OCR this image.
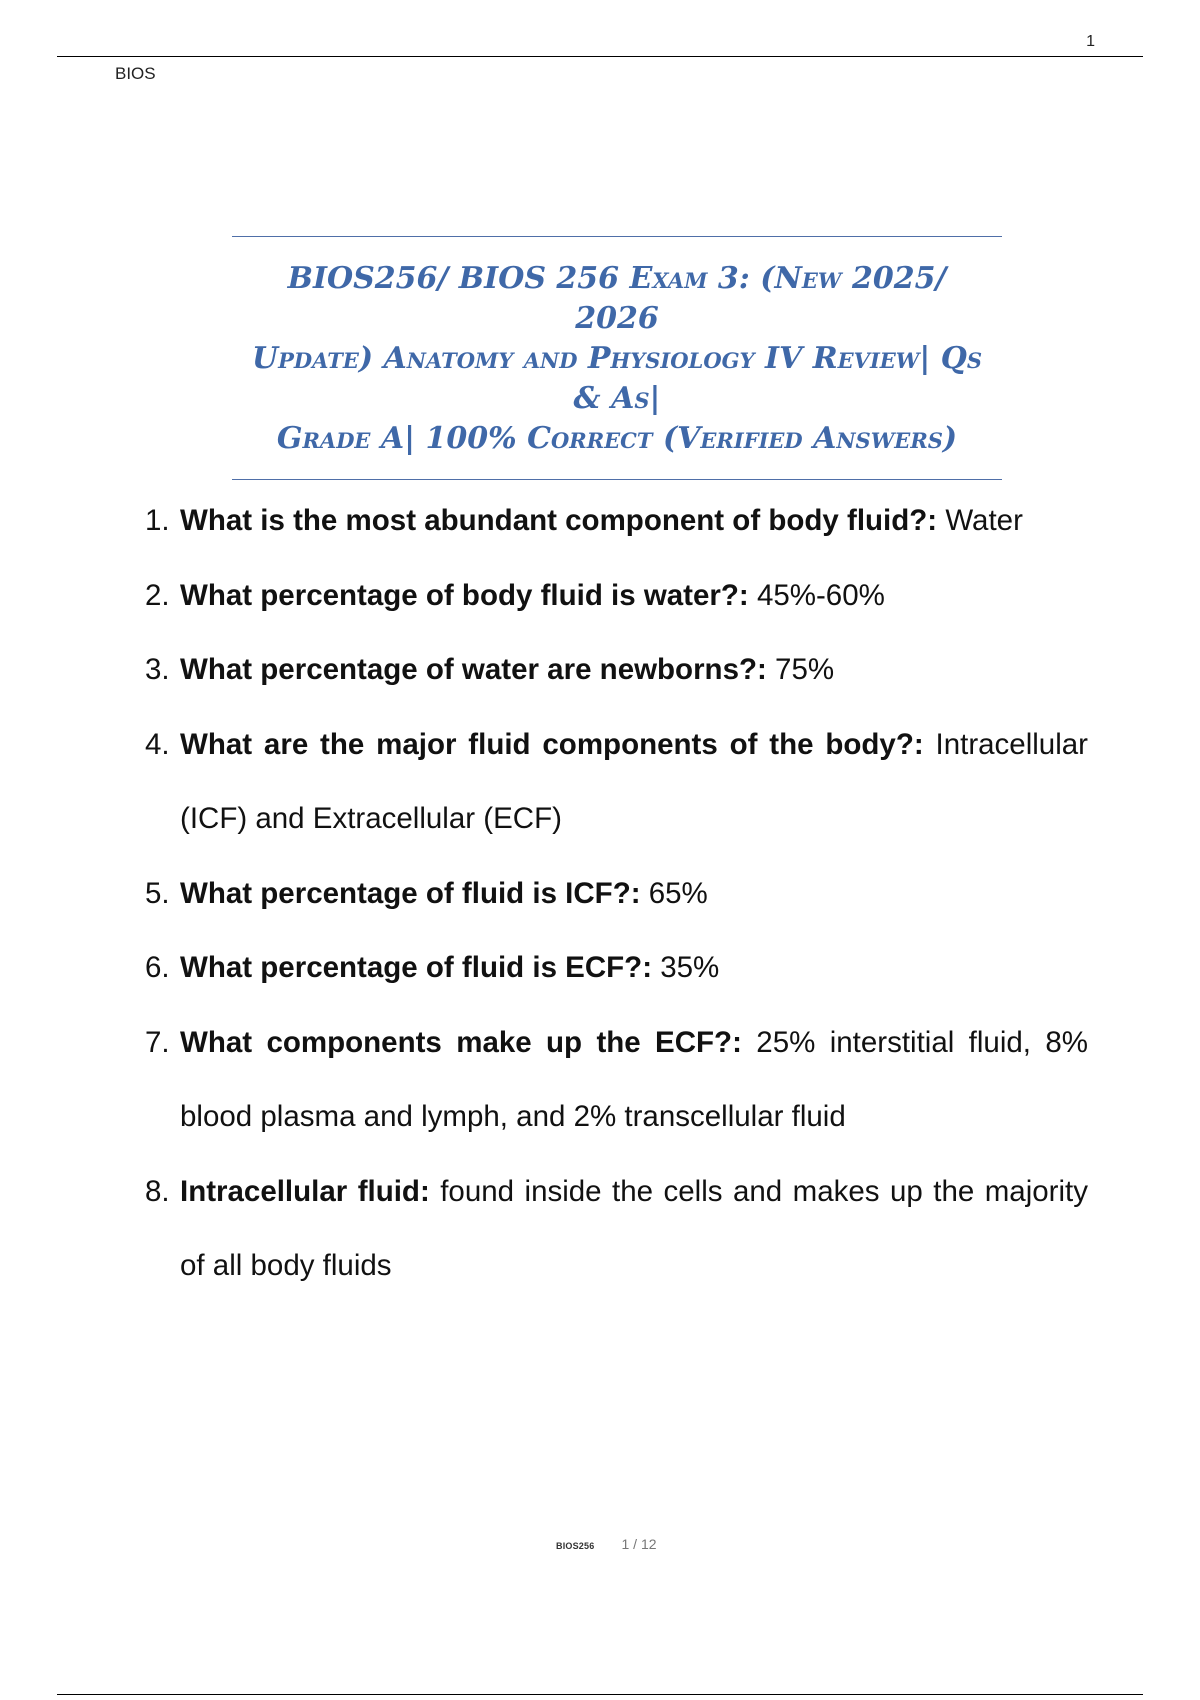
1
BIOS

BIOS256/ BIOS 256 Exam 3: (New 2025/ 2026

Update) Anatomy and Physiology IV Review| Qs & As|

Grade A| 100% Correct (Verified Answers)

1. What is the most abundant component of body fluid?: Water
2. What percentage of body fluid is water?: 45%-60%
3. What percentage of water are newborns?: 75%
4. What are the major fluid components of the body?: Intracellular (ICF) and Extracellular (ECF)
5. What percentage of fluid is ICF?: 65%
6. What percentage of fluid is ECF?: 35%
7. What components make up the ECF?: 25% interstitial fluid, 8% blood plasma and lymph, and 2% transcellular fluid
8. Intracellular fluid: found inside the cells and makes up the majority of all body fluids
BIOS256 1 / 12
